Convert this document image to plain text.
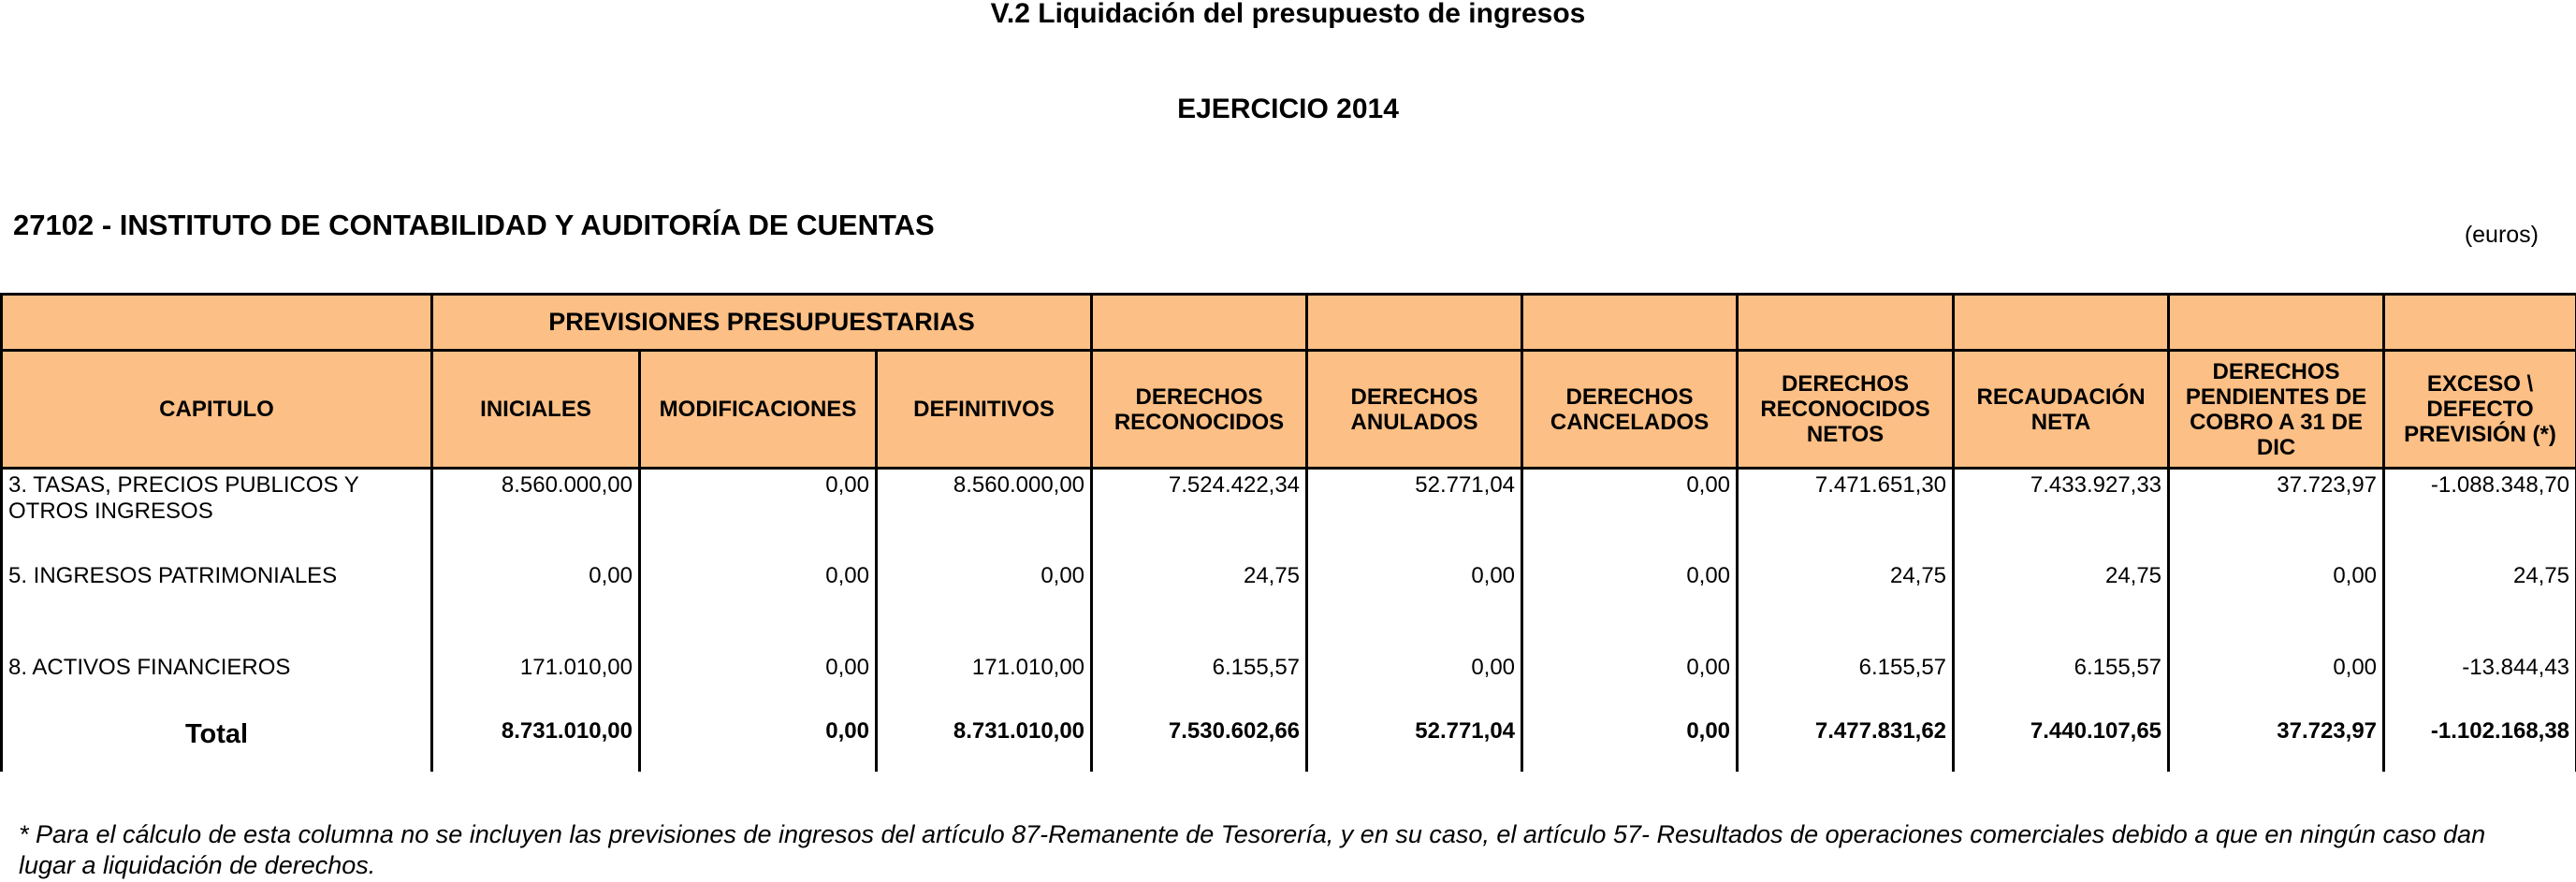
V.2 Liquidación del presupuesto de ingresos
EJERCICIO 2014
27102 - INSTITUTO DE CONTABILIDAD Y AUDITORÍA DE CUENTAS	(euros)
	PREVISIONES PRESUPUESTARIAS									
CAPITULO	INICIALES	MODIFICACIONES	DEFINITIVOS	DERECHOS RECONOCIDOS	DERECHOS ANULADOS	DERECHOS CANCELADOS	DERECHOS RECONOCIDOS NETOS	RECAUDACIÓN NETA	DERECHOS PENDIENTES DE COBRO A 31 DE DIC	EXCESO \ DEFECTO PREVISIÓN (*)
3. TASAS, PRECIOS PUBLICOS Y OTROS INGRESOS	8.560.000,00	0,00	8.560.000,00	7.524.422,34	52.771,04	0,00	7.471.651,30	7.433.927,33	37.723,97	-1.088.348,70
5. INGRESOS PATRIMONIALES	0,00	0,00	0,00	24,75	0,00	0,00	24,75	24,75	0,00	24,75
8. ACTIVOS FINANCIEROS	171.010,00	0,00	171.010,00	6.155,57	0,00	0,00	6.155,57	6.155,57	0,00	-13.844,43
Total	8.731.010,00	0,00	8.731.010,00	7.530.602,66	52.771,04	0,00	7.477.831,62	7.440.107,65	37.723,97	-1.102.168,38
* Para el cálculo de esta columna no se incluyen las previsiones de ingresos del artículo 87-Remanente de Tesorería, y en su caso, el artículo 57- Resultados de operaciones comerciales debido a que en ningún caso dan lugar a liquidación de derechos.
